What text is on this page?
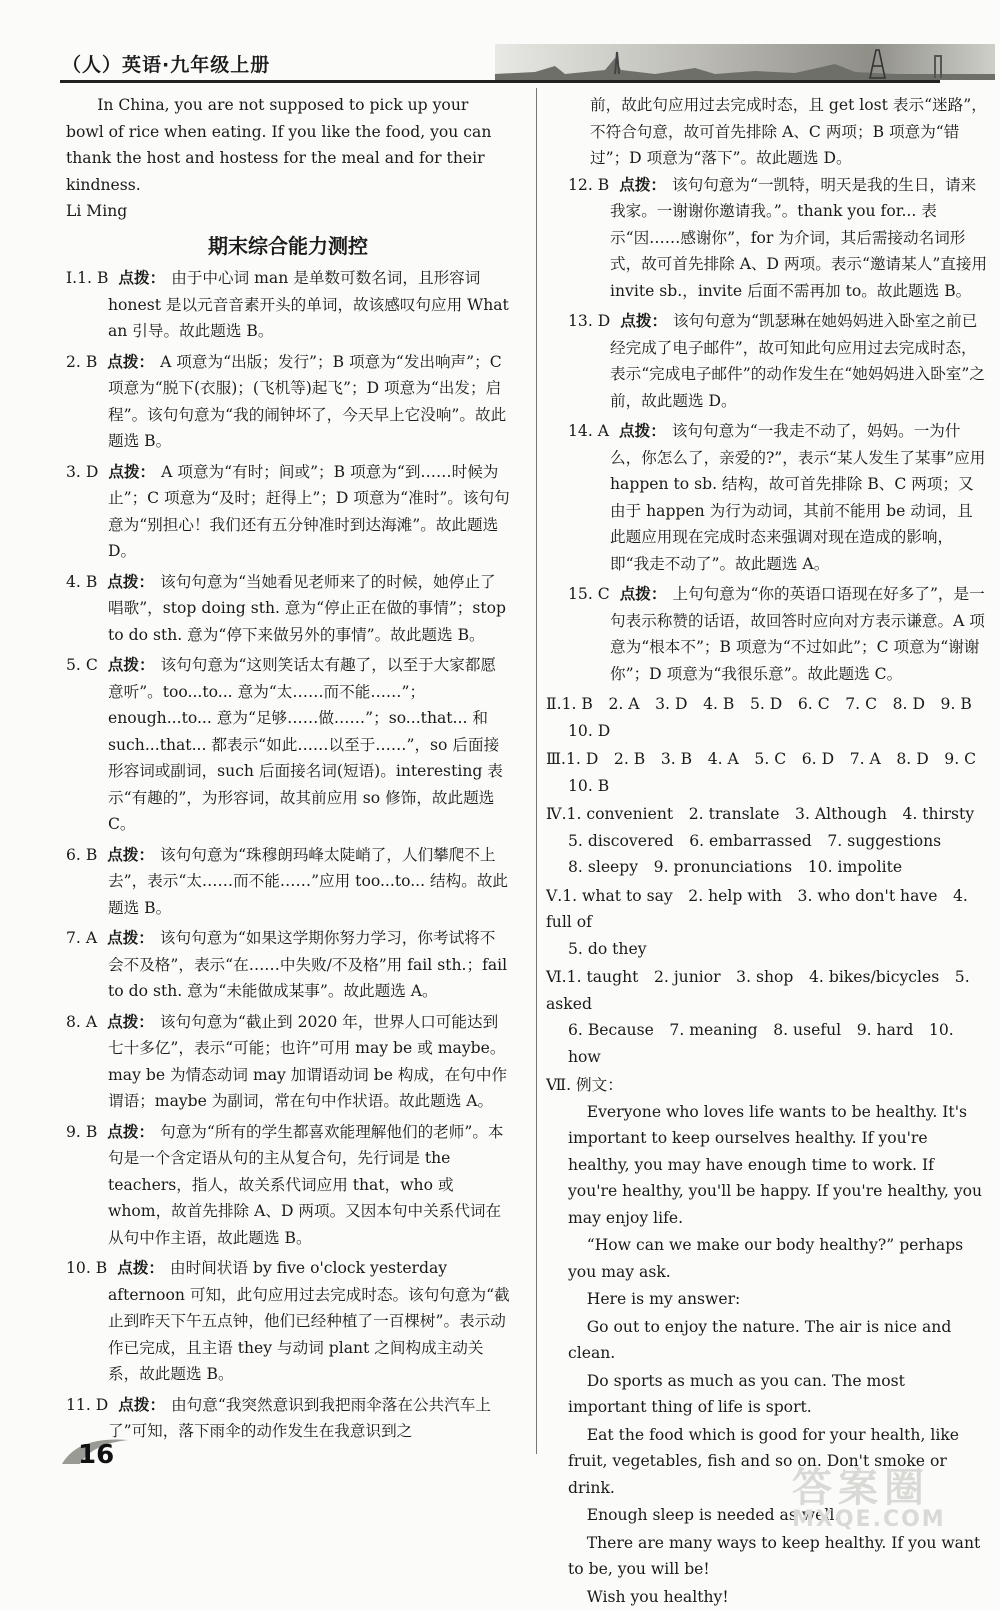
（人）英语·九年级上册

In China, you are not supposed to pick up your bowl of rice when eating. If you like the food, you can thank the host and hostess for the meal and for their kindness.

Li Ming

期末综合能力测控

Ⅰ.1. B 点拨： 由于中心词 man 是单数可数名词，且形容词 honest 是以元音音素开头的单词，故该感叹句应用 What an 引导。故此题选 B。

2. B 点拨： A 项意为“出版；发行”；B 项意为“发出响声”；C 项意为“脱下(衣服)；(飞机等)起飞”；D 项意为“出发；启程”。该句句意为“我的闹钟坏了，今天早上它没响”。故此题选 B。

3. D 点拨： A 项意为“有时；间或”；B 项意为“到……时候为止”；C 项意为“及时；赶得上”；D 项意为“准时”。该句句意为“别担心！我们还有五分钟准时到达海滩”。故此题选 D。

4. B 点拨： 该句句意为“当她看见老师来了的时候，她停止了唱歌”，stop doing sth. 意为“停止正在做的事情”；stop to do sth. 意为“停下来做另外的事情”。故此题选 B。

5. C 点拨： 该句句意为“这则笑话太有趣了，以至于大家都愿意听”。too...to... 意为“太……而不能……”；enough...to... 意为“足够……做……”；so...that... 和 such...that... 都表示“如此……以至于……”，so 后面接形容词或副词，such 后面接名词(短语)。interesting 表示“有趣的”，为形容词，故其前应用 so 修饰，故此题选 C。

6. B 点拨： 该句句意为“珠穆朗玛峰太陡峭了，人们攀爬不上去”，表示“太……而不能……”应用 too...to... 结构。故此题选 B。

7. A 点拨： 该句句意为“如果这学期你努力学习，你考试将不会不及格”，表示“在……中失败/不及格”用 fail sth.；fail to do sth. 意为“未能做成某事”。故此题选 A。

8. A 点拨： 该句句意为“截止到 2020 年，世界人口可能达到七十多亿”，表示“可能；也许”可用 may be 或 maybe。may be 为情态动词 may 加谓语动词 be 构成，在句中作谓语；maybe 为副词，常在句中作状语。故此题选 A。

9. B 点拨： 句意为“所有的学生都喜欢能理解他们的老师”。本句是一个含定语从句的主从复合句，先行词是 the teachers，指人，故关系代词应用 that，who 或 whom，故首先排除 A、D 两项。又因本句中关系代词在从句中作主语，故此题选 B。

10. B 点拨： 由时间状语 by five o'clock yesterday afternoon 可知，此句应用过去完成时态。该句句意为“截止到昨天下午五点钟，他们已经种植了一百棵树”。表示动作已完成，且主语 they 与动词 plant 之间构成主动关系，故此题选 B。

11. D 点拨： 由句意“我突然意识到我把雨伞落在公共汽车上了”可知，落下雨伞的动作发生在我意识到之

前，故此句应用过去完成时态，且 get lost 表示“迷路”，不符合句意，故可首先排除 A、C 两项；B 项意为“错过”；D 项意为“落下”。故此题选 D。

12. B 点拨： 该句句意为“一凯特，明天是我的生日，请来我家。一谢谢你邀请我。”。thank you for... 表示“因……感谢你”，for 为介词，其后需接动名词形式，故可首先排除 A、D 两项。表示“邀请某人”直接用 invite sb.，invite 后面不需再加 to。故此题选 B。

13. D 点拨： 该句句意为“凯瑟琳在她妈妈进入卧室之前已经完成了电子邮件”，故可知此句应用过去完成时态，表示“完成电子邮件”的动作发生在“她妈妈进入卧室”之前，故此题选 D。

14. A 点拨： 该句句意为“一我走不动了，妈妈。一为什么，你怎么了，亲爱的?”，表示“某人发生了某事”应用 happen to sb. 结构，故可首先排除 B、C 两项；又由于 happen 为行为动词，其前不能用 be 动词，且此题应用现在完成时态来强调对现在造成的影响，即“我走不动了”。故此题选 A。

15. C 点拨： 上句句意为“你的英语口语现在好多了”，是一句表示称赞的话语，故回答时应向对方表示谦意。A 项意为“根本不”；B 项意为“不过如此”；C 项意为“谢谢你”；D 项意为“我很乐意”。故此题选 C。

Ⅱ.1. B　2. A　3. D　4. B　5. D　6. C　7. C　8. D　9. B
10. D
Ⅲ.1. D　2. B　3. B　4. A　5. C　6. D　7. A　8. D　9. C
10. B
Ⅳ.1. convenient　2. translate　3. Although　4. thirsty
5. discovered　6. embarrassed　7. suggestions
8. sleepy　9. pronunciations　10. impolite
Ⅴ.1. what to say　2. help with　3. who don't have　4. full of
5. do they
Ⅵ.1. taught　2. junior　3. shop　4. bikes/bicycles　5. asked
6. Because　7. meaning　8. useful　9. hard　10. how
Ⅶ. 例文：

Everyone who loves life wants to be healthy. It's important to keep ourselves healthy. If you're healthy, you may have enough time to work. If you're healthy, you'll be happy. If you're healthy, you may enjoy life.

“How can we make our body healthy?” perhaps you may ask.

Here is my answer:

Go out to enjoy the nature. The air is nice and clean.

Do sports as much as you can. The most important thing of life is sport.

Eat the food which is good for your health, like fruit, vegetables, fish and so on. Don't smoke or drink.

Enough sleep is needed as well.

There are many ways to keep healthy. If you want to be, you will be!

Wish you healthy!

16
答案圈
MXQE.COM
